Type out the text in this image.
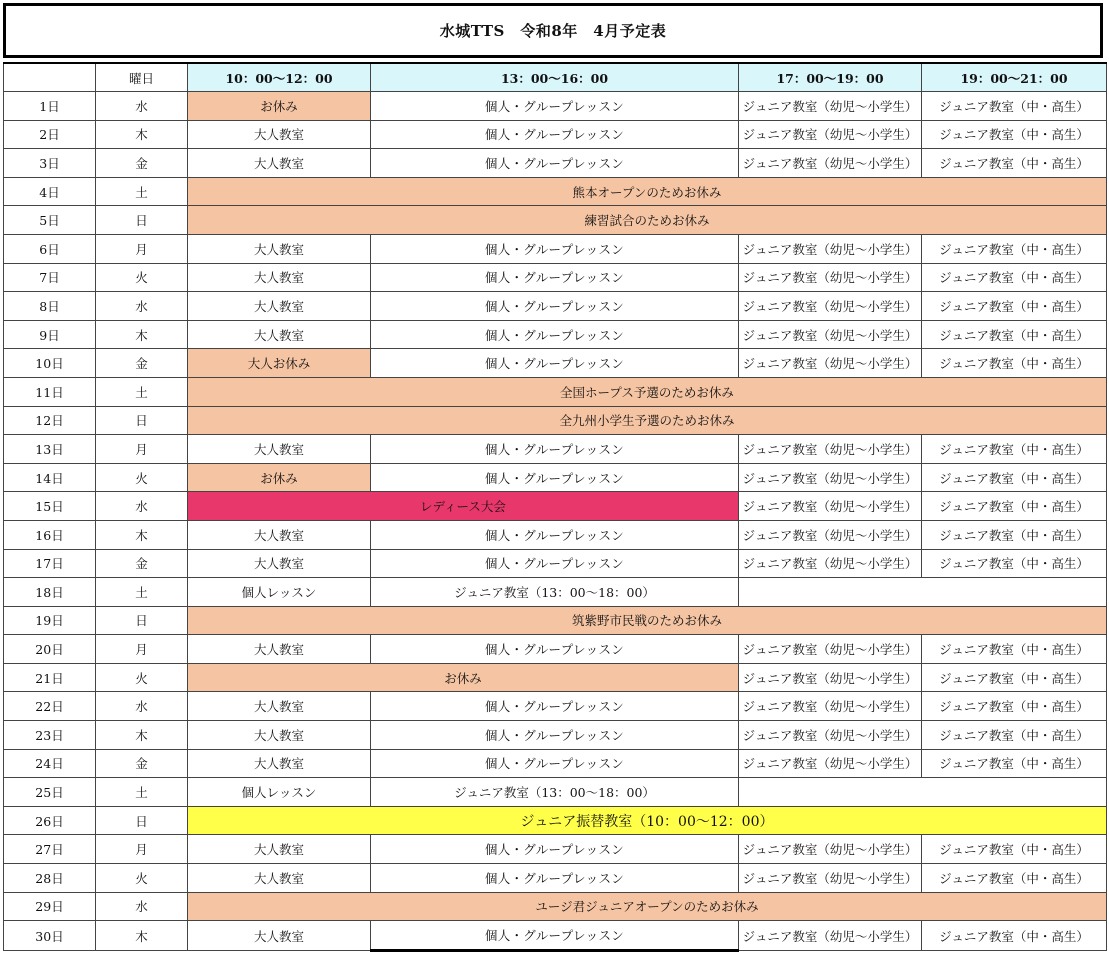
水城TTS　令和8年　4月予定表
	曜日	10：00〜12：00	13：00〜16：00	17：00〜19：00	19：00〜21：00
1日	水	お休み	個人・グループレッスン	ジュニア教室（幼児〜小学生）	ジュニア教室（中・高生）
2日	木	大人教室	個人・グループレッスン	ジュニア教室（幼児〜小学生）	ジュニア教室（中・高生）
3日	金	大人教室	個人・グループレッスン	ジュニア教室（幼児〜小学生）	ジュニア教室（中・高生）
4日	土	熊本オープンのためお休み			
5日	日	練習試合のためお休み			
6日	月	大人教室	個人・グループレッスン	ジュニア教室（幼児〜小学生）	ジュニア教室（中・高生）
7日	火	大人教室	個人・グループレッスン	ジュニア教室（幼児〜小学生）	ジュニア教室（中・高生）
8日	水	大人教室	個人・グループレッスン	ジュニア教室（幼児〜小学生）	ジュニア教室（中・高生）
9日	木	大人教室	個人・グループレッスン	ジュニア教室（幼児〜小学生）	ジュニア教室（中・高生）
10日	金	大人お休み	個人・グループレッスン	ジュニア教室（幼児〜小学生）	ジュニア教室（中・高生）
11日	土	全国ホープス予選のためお休み			
12日	日	全九州小学生予選のためお休み			
13日	月	大人教室	個人・グループレッスン	ジュニア教室（幼児〜小学生）	ジュニア教室（中・高生）
14日	火	お休み	個人・グループレッスン	ジュニア教室（幼児〜小学生）	ジュニア教室（中・高生）
15日	水	レディース大会		ジュニア教室（幼児〜小学生）	ジュニア教室（中・高生）
16日	木	大人教室	個人・グループレッスン	ジュニア教室（幼児〜小学生）	ジュニア教室（中・高生）
17日	金	大人教室	個人・グループレッスン	ジュニア教室（幼児〜小学生）	ジュニア教室（中・高生）
18日	土	個人レッスン	ジュニア教室（13：00〜18：00）		
19日	日	筑紫野市民戦のためお休み			
20日	月	大人教室	個人・グループレッスン	ジュニア教室（幼児〜小学生）	ジュニア教室（中・高生）
21日	火	お休み		ジュニア教室（幼児〜小学生）	ジュニア教室（中・高生）
22日	水	大人教室	個人・グループレッスン	ジュニア教室（幼児〜小学生）	ジュニア教室（中・高生）
23日	木	大人教室	個人・グループレッスン	ジュニア教室（幼児〜小学生）	ジュニア教室（中・高生）
24日	金	大人教室	個人・グループレッスン	ジュニア教室（幼児〜小学生）	ジュニア教室（中・高生）
25日	土	個人レッスン	ジュニア教室（13：00〜18：00）		
26日	日	ジュニア振替教室（10：00〜12：00）			
27日	月	大人教室	個人・グループレッスン	ジュニア教室（幼児〜小学生）	ジュニア教室（中・高生）
28日	火	大人教室	個人・グループレッスン	ジュニア教室（幼児〜小学生）	ジュニア教室（中・高生）
29日	水	ユージ君ジュニアオープンのためお休み			
30日	木	大人教室	個人・グループレッスン	ジュニア教室（幼児〜小学生）	ジュニア教室（中・高生）
